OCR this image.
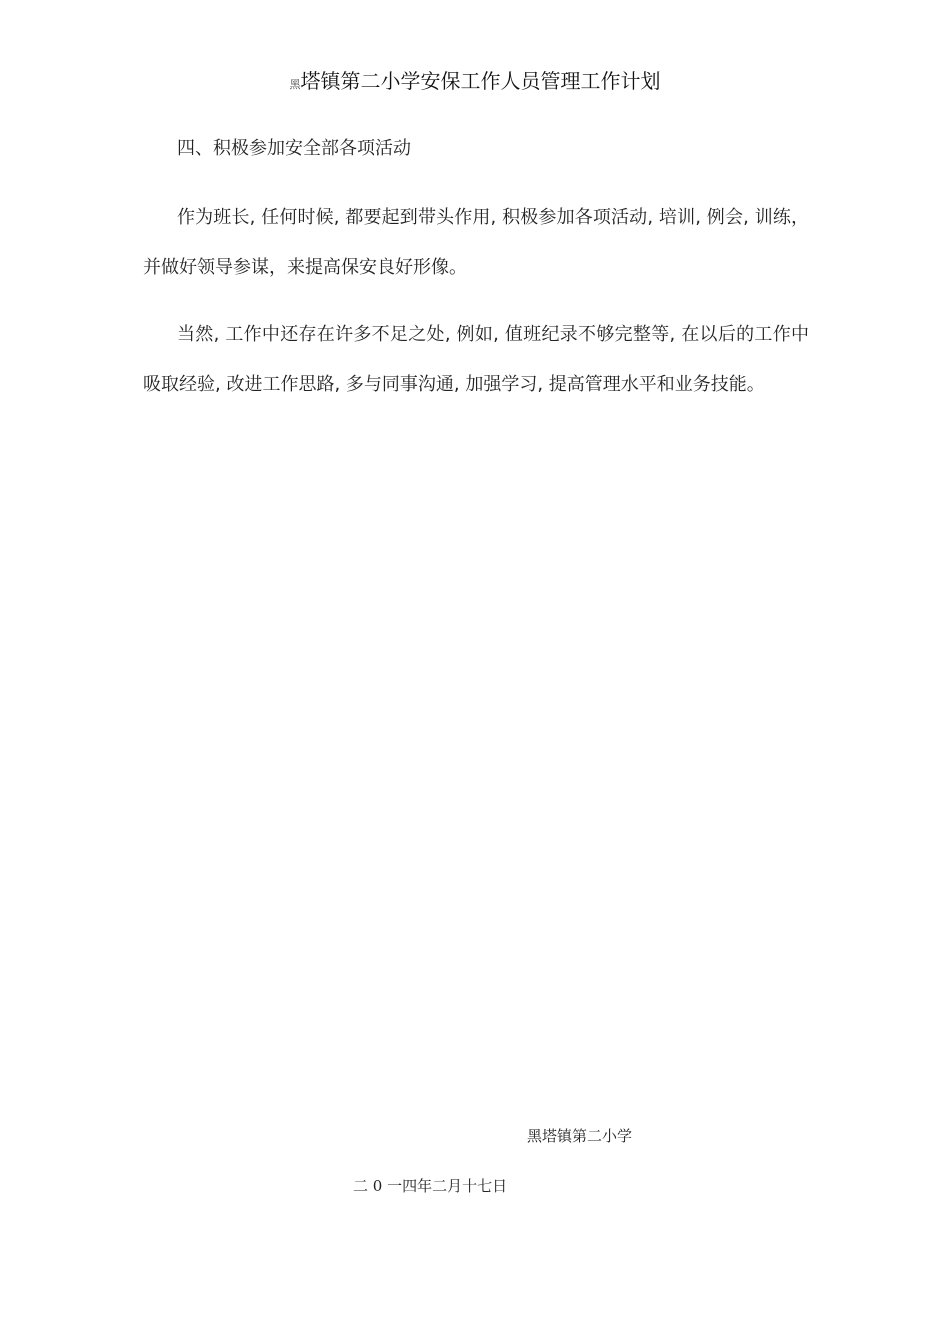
黑塔镇第二小学安保工作人员管理工作计划
四、积极参加安全部各项活动

作为班长, 任何时候, 都要起到带头作用, 积极参加各项活动, 培训, 例会, 训练，并做好领导参谋，来提高保安良好形像。

当然, 工作中还存在许多不足之处, 例如, 值班纪录不够完整等, 在以后的工作中吸取经验, 改进工作思路, 多与同事沟通, 加强学习, 提高管理水平和业务技能。

黑塔镇第二小学
二 0 一四年二月十七日
